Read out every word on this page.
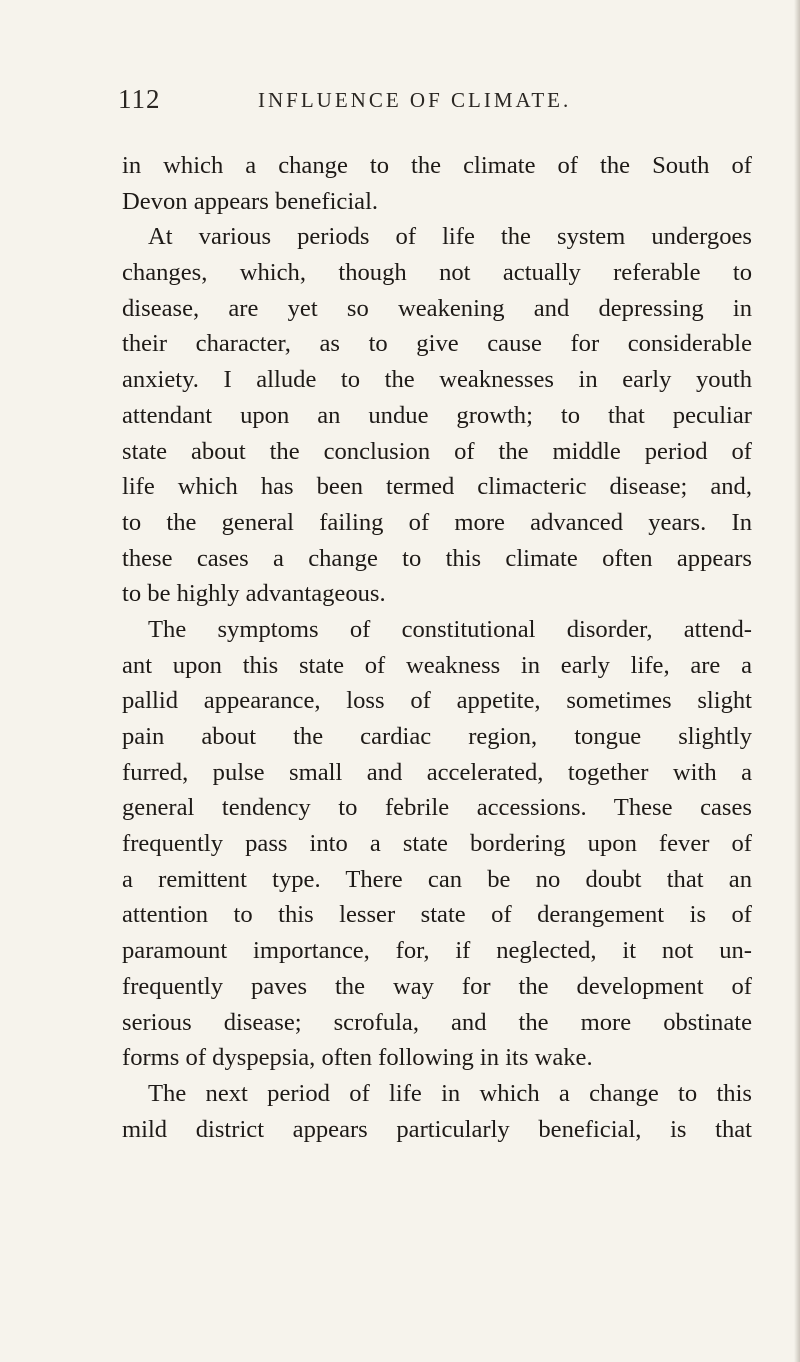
112	INFLUENCE OF CLIMATE.
in which a change to the climate of the South of
Devon appears beneficial.
At various periods of life the system undergoes
changes, which, though not actually referable to
disease, are yet so weakening and depressing in
their character, as to give cause for considerable
anxiety. I allude to the weaknesses in early youth
attendant upon an undue growth; to that peculiar
state about the conclusion of the middle period of
life which has been termed climacteric disease; and,
to the general failing of more advanced years. In
these cases a change to this climate often appears
to be highly advantageous.
The symptoms of constitutional disorder, attend-
ant upon this state of weakness in early life, are a
pallid appearance, loss of appetite, sometimes slight
pain about the cardiac region, tongue slightly
furred, pulse small and accelerated, together with a
general tendency to febrile accessions. These cases
frequently pass into a state bordering upon fever of
a remittent type. There can be no doubt that an
attention to this lesser state of derangement is of
paramount importance, for, if neglected, it not un-
frequently paves the way for the development of
serious disease; scrofula, and the more obstinate
forms of dyspepsia, often following in its wake.
The next period of life in which a change to this
mild district appears particularly beneficial, is that
